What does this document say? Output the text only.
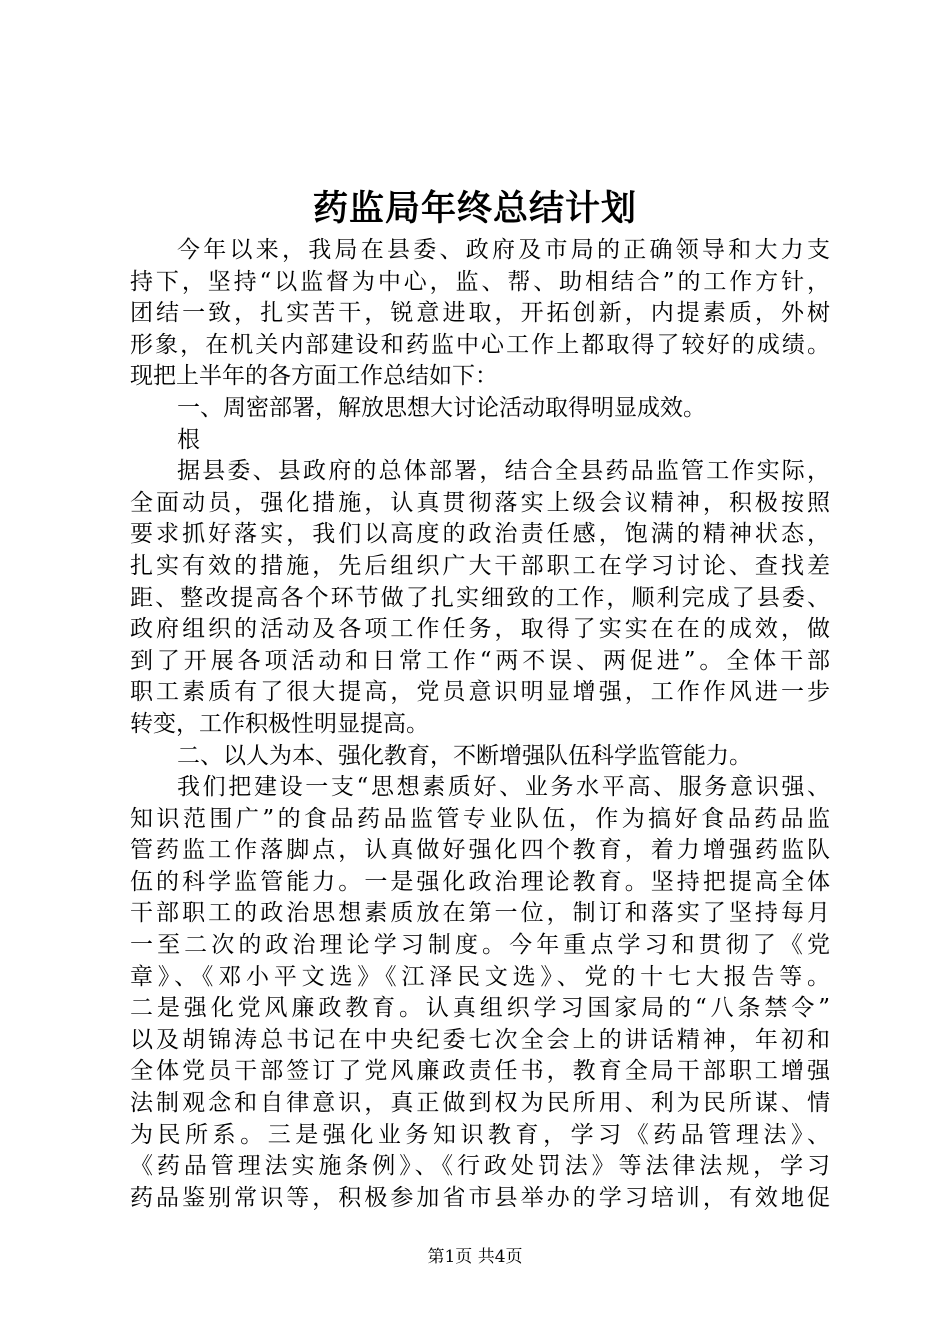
药监局年终总结计划
今年以来，我局在县委、政府及市局的正确领导和大力支
持下，坚持“以监督为中心，监、帮、助相结合”的工作方针，
团结一致，扎实苦干，锐意进取，开拓创新，内提素质，外树
形象，在机关内部建设和药监中心工作上都取得了较好的成绩。
现把上半年的各方面工作总结如下：
一、周密部署，解放思想大讨论活动取得明显成效。
根
据县委、县政府的总体部署，结合全县药品监管工作实际，
全面动员，强化措施，认真贯彻落实上级会议精神，积极按照
要求抓好落实，我们以高度的政治责任感，饱满的精神状态，
扎实有效的措施，先后组织广大干部职工在学习讨论、查找差
距、整改提高各个环节做了扎实细致的工作，顺利完成了县委、
政府组织的活动及各项工作任务，取得了实实在在的成效，做
到了开展各项活动和日常工作“两不误、两促进”。全体干部
职工素质有了很大提高，党员意识明显增强，工作作风进一步
转变，工作积极性明显提高。
二、以人为本、强化教育，不断增强队伍科学监管能力。
我们把建设一支“思想素质好、业务水平高、服务意识强、
知识范围广”的食品药品监管专业队伍，作为搞好食品药品监
管药监工作落脚点，认真做好强化四个教育，着力增强药监队
伍的科学监管能力。一是强化政治理论教育。坚持把提高全体
干部职工的政治思想素质放在第一位，制订和落实了坚持每月
一至二次的政治理论学习制度。今年重点学习和贯彻了《党
章》、《邓小平文选》《江泽民文选》、党的十七大报告等。
二是强化党风廉政教育。认真组织学习国家局的“八条禁令”
以及胡锦涛总书记在中央纪委七次全会上的讲话精神，年初和
全体党员干部签订了党风廉政责任书，教育全局干部职工增强
法制观念和自律意识，真正做到权为民所用、利为民所谋、情
为民所系。三是强化业务知识教育，学习《药品管理法》、
《药品管理法实施条例》、《行政处罚法》等法律法规，学习
药品鉴别常识等，积极参加省市县举办的学习培训，有效地促
第1页 共4页
